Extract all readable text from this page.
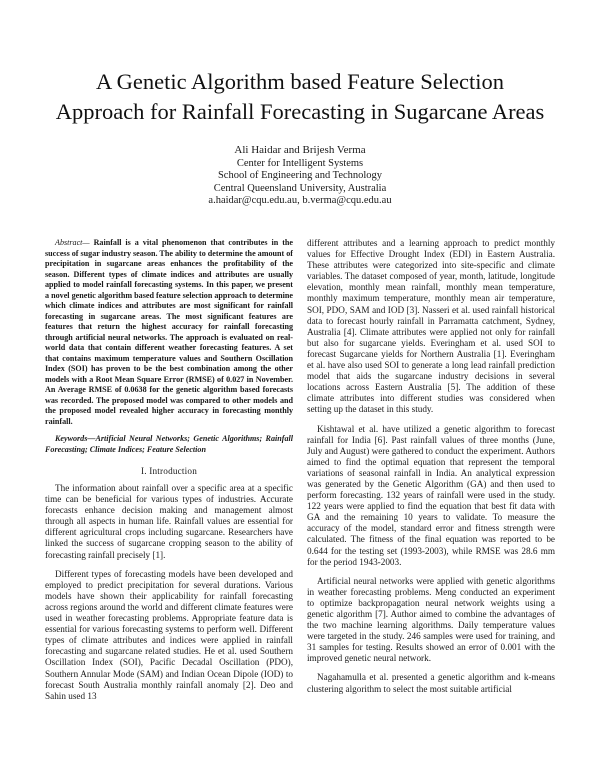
A Genetic Algorithm based Feature Selection
Approach for Rainfall Forecasting in Sugarcane Areas
Ali Haidar and Brijesh Verma
Center for Intelligent Systems
School of Engineering and Technology
Central Queensland University, Australia
a.haidar@cqu.edu.au, b.verma@cqu.edu.au

Abstract— Rainfall is a vital phenomenon that contributes in the success of sugar industry season. The ability to determine the amount of precipitation in sugarcane areas enhances the profitability of the season. Different types of climate indices and attributes are usually applied to model rainfall forecasting systems. In this paper, we present a novel genetic algorithm based feature selection approach to determine which climate indices and attributes are most significant for rainfall forecasting in sugarcane areas. The most significant features are features that return the highest accuracy for rainfall forecasting through artificial neural networks. The approach is evaluated on real-world data that contain different weather forecasting features. A set that contains maximum temperature values and Southern Oscillation Index (SOI) has proven to be the best combination among the other models with a Root Mean Square Error (RMSE) of 0.027 in November. An Average RMSE of 0.0638 for the genetic algorithm based forecasts was recorded. The proposed model was compared to other models and the proposed model revealed higher accuracy in forecasting monthly rainfall.

Keywords—Artificial Neural Networks; Genetic Algorithms; Rainfall Forecasting; Climate Indices; Feature Selection

I. Introduction

The information about rainfall over a specific area at a specific time can be beneficial for various types of industries. Accurate forecasts enhance decision making and management almost through all aspects in human life. Rainfall values are essential for different agricultural crops including sugarcane. Researchers have linked the success of sugarcane cropping season to the ability of forecasting rainfall precisely [1].

Different types of forecasting models have been developed and employed to predict precipitation for several durations. Various models have shown their applicability for rainfall forecasting across regions around the world and different climate features were used in weather forecasting problems. Appropriate feature data is essential for various forecasting systems to perform well. Different types of climate attributes and indices were applied in rainfall forecasting and sugarcane related studies. He et al. used Southern Oscillation Index (SOI), Pacific Decadal Oscillation (PDO), Southern Annular Mode (SAM) and Indian Ocean Dipole (IOD) to forecast South Australia monthly rainfall anomaly [2]. Deo and Sahin used 13

different attributes and a learning approach to predict monthly values for Effective Drought Index (EDI) in Eastern Australia. These attributes were categorized into site-specific and climate variables. The dataset composed of year, month, latitude, longitude elevation, monthly mean rainfall, monthly mean temperature, monthly maximum temperature, monthly mean air temperature, SOI, PDO, SAM and IOD [3]. Nasseri et al. used rainfall historical data to forecast hourly rainfall in Parramatta catchment, Sydney, Australia [4]. Climate attributes were applied not only for rainfall but also for sugarcane yields. Everingham et al. used SOI to forecast Sugarcane yields for Northern Australia [1]. Everingham et al. have also used SOI to generate a long lead rainfall prediction model that aids the sugarcane industry decisions in several locations across Eastern Australia [5]. The addition of these climate attributes into different studies was considered when setting up the dataset in this study.

Kishtawal et al. have utilized a genetic algorithm to forecast rainfall for India [6]. Past rainfall values of three months (June, July and August) were gathered to conduct the experiment. Authors aimed to find the optimal equation that represent the temporal variations of seasonal rainfall in India. An analytical expression was generated by the Genetic Algorithm (GA) and then used to perform forecasting. 132 years of rainfall were used in the study. 122 years were applied to find the equation that best fit data with GA and the remaining 10 years to validate. To measure the accuracy of the model, standard error and fitness strength were calculated. The fitness of the final equation was reported to be 0.644 for the testing set (1993-2003), while RMSE was 28.6 mm for the period 1943-2003.

Artificial neural networks were applied with genetic algorithms in weather forecasting problems. Meng conducted an experiment to optimize backpropagation neural network weights using a genetic algorithm [7]. Author aimed to combine the advantages of the two machine learning algorithms. Daily temperature values were targeted in the study. 246 samples were used for training, and 31 samples for testing. Results showed an error of 0.001 with the improved genetic neural network.

Nagahamulla et al. presented a genetic algorithm and k-means clustering algorithm to select the most suitable artificial
